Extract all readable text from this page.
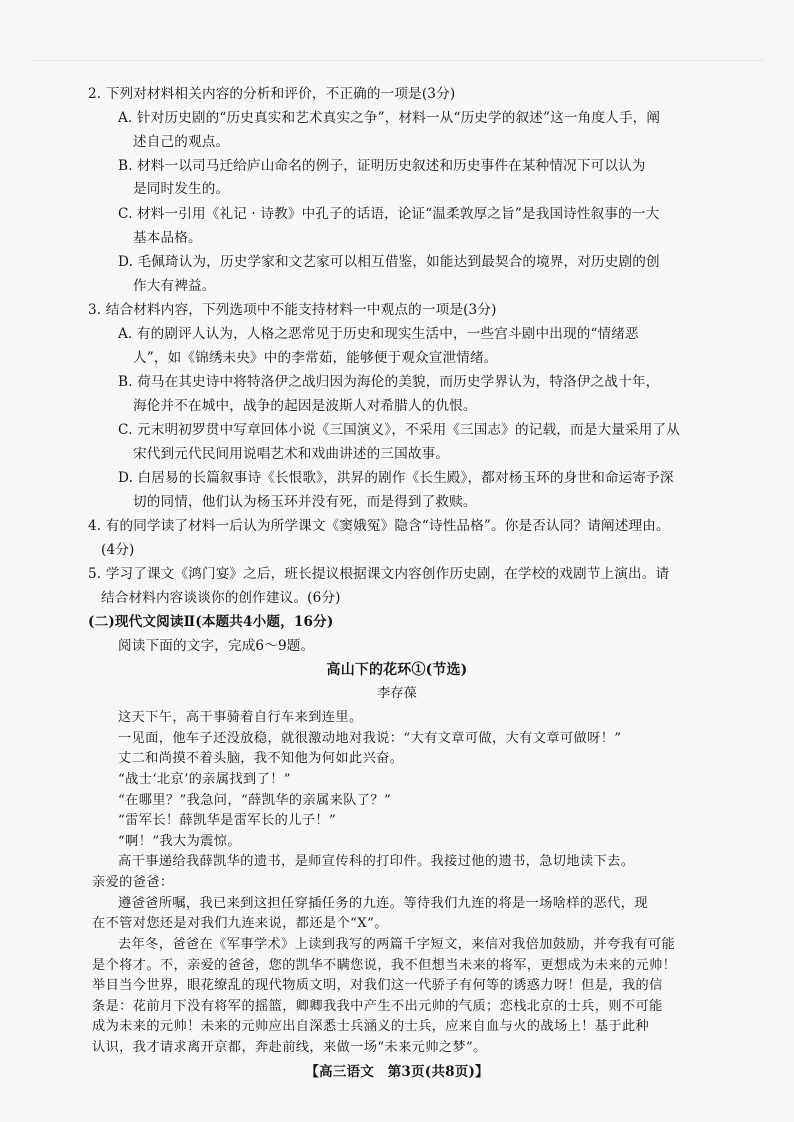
2. 下列对材料相关内容的分析和评价，不正确的一项是(3分)
A. 针对历史剧的“历史真实和艺术真实之争”，材料一从“历史学的叙述”这一角度人手，阐
述自己的观点。
B. 材料一以司马迁给庐山命名的例子，证明历史叙述和历史事件在某种情况下可以认为
是同时发生的。
C. 材料一引用《礼记 · 诗教》中孔子的话语，论证“温柔敦厚之旨”是我国诗性叙事的一大
基本品格。
D. 毛佩琦认为，历史学家和文艺家可以相互借鉴，如能达到最契合的境界，对历史剧的创
作大有裨益。
3. 结合材料内容，下列选项中不能支持材料一中观点的一项是(3分)
A. 有的剧评人认为，人格之恶常见于历史和现实生活中，一些宫斗剧中出现的“情绪恶
人”，如《锦绣未央》中的李常茹，能够便于观众宣泄情绪。
B. 荷马在其史诗中将特洛伊之战归因为海伦的美貌，而历史学界认为，特洛伊之战十年，
海伦并不在城中，战争的起因是波斯人对希腊人的仇恨。
C. 元末明初罗贯中写章回体小说《三国演义》，不采用《三国志》的记载，而是大量采用了从
宋代到元代民间用说唱艺术和戏曲讲述的三国故事。
D. 白居易的长篇叙事诗《长恨歌》，洪昇的剧作《长生殿》，都对杨玉环的身世和命运寄予深
切的同情，他们认为杨玉环并没有死，而是得到了救赎。
4. 有的同学读了材料一后认为所学课文《窦娥冤》隐含“诗性品格”。你是否认同？请阐述理由。
(4分)
5. 学习了课文《鸿门宴》之后，班长提议根据课文内容创作历史剧，在学校的戏剧节上演出。请
结合材料内容谈谈你的创作建议。(6分)
(二)现代文阅读Ⅱ(本题共4小题，16分)
阅读下面的文字，完成6～9题。
高山下的花环①(节选)
李存葆
这天下午，高干事骑着自行车来到连里。
一见面，他车子还没放稳，就很激动地对我说：“大有文章可做，大有文章可做呀！”
丈二和尚摸不着头脑，我不知他为何如此兴奋。
“战士‘北京’的亲属找到了！”
“在哪里？”我急问，“薛凯华的亲属来队了？”
“雷军长！薛凯华是雷军长的儿子！”
“啊！”我大为震惊。
高干事递给我薛凯华的遗书，是师宣传科的打印件。我接过他的遗书，急切地读下去。
亲爱的爸爸：
遵爸爸所嘱，我已来到这担任穿插任务的九连。等待我们九连的将是一场啥样的恶代，现
在不管对您还是对我们九连来说，都还是个“X”。
去年冬，爸爸在《军事学术》上读到我写的两篇千字短文，来信对我倍加鼓励，并夸我有可能
是个将才。不，亲爱的爸爸，您的凯华不瞒您说，我不但想当未来的将军，更想成为未来的元帅！
举目当今世界，眼花缭乱的现代物质文明，对我们这一代骄子有何等的诱惑力呀！但是，我的信
条是：花前月下没有将军的摇篮，卿卿我我中产生不出元帅的气质；恋栈北京的士兵，则不可能
成为未来的元帅！未来的元帅应出自深悉士兵涵义的士兵，应来自血与火的战场上！基于此种
认识，我才请求离开京都，奔赴前线，来做一场“未来元帅之梦”。
【高三语文　第3页(共8页)】
